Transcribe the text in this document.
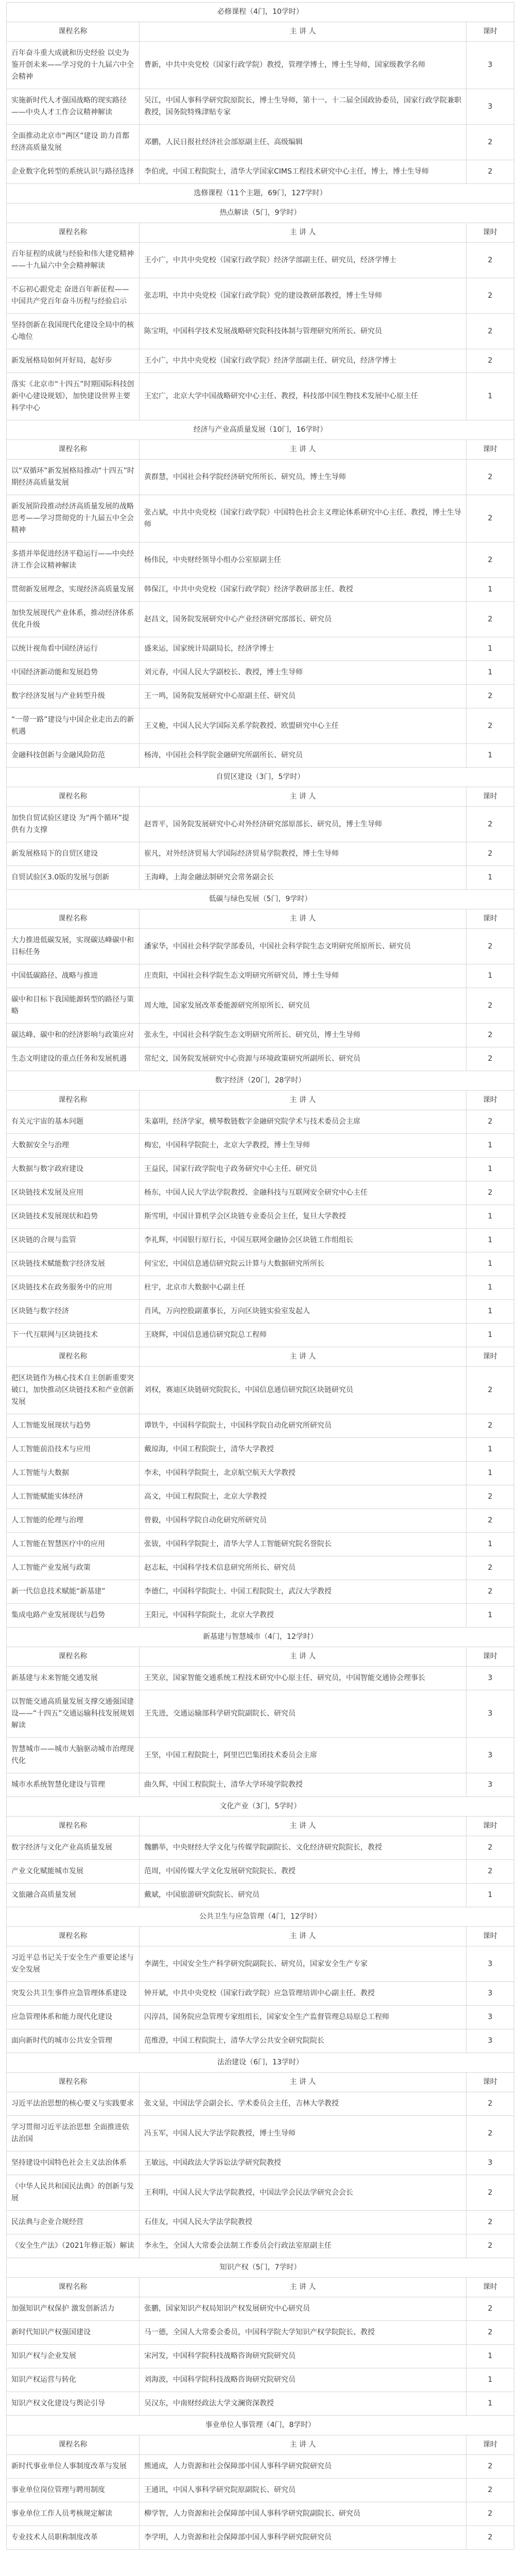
必修课程（4门，10学时）		
课程名称	主 讲 人	课时
百年奋斗重大成就和历史经验 以史为鉴开创未来——学习党的十九届六中全会精神	曹新，中共中央党校（国家行政学院）教授，管理学博士，博士生导师，国家级教学名师	3
实施新时代人才强国战略的现实路径——中央人才工作会议精神解读	吴江，中国人事科学研究院原院长，博士生导师，第十一、十二届全国政协委员，国家行政学院兼职教授，国务院特殊津贴专家	3
全面推动北京市“两区”建设 助力首都经济高质量发展	邓鹏，人民日报社经济社会部原副主任、高级编辑	2
企业数字化转型的系统认识与路径选择	李伯虎，中国工程院院士，清华大学国家CIMS工程技术研究中心主任，博士，博士生导师	2
选修课程（11个主题，69门，127学时）		
热点解读（5门，9学时）		
课程名称	主 讲 人	课时
百年征程的成就与经验和伟大建党精神——十九届六中全会精神解读	王小广，中共中央党校（国家行政学院）经济学部副主任、研究员，经济学博士	2
不忘初心跟党走 奋进百年新征程——中国共产党百年奋斗历程与经验启示	张志明，中共中央党校（国家行政学院）党的建设教研部教授，博士生导师	2
坚持创新在我国现代化建设全局中的核心地位	陈宝明，中国科学技术发展战略研究院科技体制与管理研究所所长、研究员	2
新发展格局如何开好局，起好步	王小广，中共中央党校（国家行政学院）经济学部副主任、研究员，经济学博士	2
落实《北京市“十四五”时期国际科技创新中心建设规划》，加快建设世界主要科学中心	王宏广，北京大学中国战略研究中心主任、教授，科技部中国生物技术发展中心原主任	1
经济与产业高质量发展（10门，16学时）		
课程名称	主 讲 人	课时
以“双循环”新发展格局推动“十四五”时期经济高质量发展	黄群慧，中国社会科学院经济研究所所长、研究员，博士生导师	2
新发展阶段推动经济高质量发展的战略思考——学习贯彻党的十九届五中全会精神	张占斌，中共中央党校（国家行政学院）中国特色社会主义理论体系研究中心主任、教授，博士生导师	2
多措并举促进经济平稳运行——中央经济工作会议精神解读	杨伟民，中央财经领导小组办公室原副主任	2
贯彻新发展理念，实现经济高质量发展	韩保江，中共中央党校（国家行政学院）经济学教研部主任、教授	1
加快发展现代产业体系，推动经济体系优化升级	赵昌文，国务院发展研究中心产业经济研究部部长、研究员	2
以统计视角看中国经济运行	盛来运，国家统计局副局长，经济学博士	1
中国经济新动能和发展趋势	刘元春，中国人民大学副校长、教授，博士生导师	1
数字经济发展与产业转型升级	王一鸣，国务院发展研究中心原副主任、研究员	2
“一带一路”建设与中国企业走出去的新机遇	王义桅，中国人民大学国际关系学院教授、欧盟研究中心主任	2
金融科技创新与金融风险防范	杨涛，中国社会科学院金融研究所副所长、研究员	1
自贸区建设（3门，5学时）		
课程名称	主 讲 人	课时
加快自贸试验区建设 为“两个循环”提供有力支撑	赵晋平，国务院发展研究中心对外经济研究部原部长、研究员，博士生导师	2
新发展格局下的自贸区建设	崔凡，对外经济贸易大学国际经济贸易学院教授，博士生导师	2
自贸试验区3.0版的发展与创新	王海峰，上海金融法制研究会常务副会长	1
低碳与绿色发展（5门，9学时）		
课程名称	主 讲 人	课时
大力推进低碳发展，实现碳达峰碳中和目标任务	潘家华，中国社会科学院学部委员，中国社会科学院生态文明研究所原所长、研究员	2
中国低碳路径、战略与推进	庄贵阳，中国社会科学院生态文明研究所研究员，博士生导师	1
碳中和目标下我国能源转型的路径与策略	周大地，国家发展改革委能源研究所原所长、研究员	2
碳达峰、碳中和的经济影响与政策应对	张永生，中国社会科学院生态文明研究所所长、研究员，博士生导师	2
生态文明建设的重点任务和发展机遇	常纪文，国务院发展研究中心资源与环境政策研究所副所长、研究员	2
数字经济（20门，28学时）		
课程名称	主 讲 人	课时
有关元宇宙的基本问题	朱嘉明，经济学家，横琴数链数字金融研究院学术与技术委员会主席	2
大数据安全与治理	梅宏，中国科学院院士，北京大学教授，博士生导师	1
大数据与数字政府建设	王益民，国家行政学院电子政务研究中心主任、研究员	1
区块链技术发展及应用	杨东，中国人民大学法学院教授、金融科技与互联网安全研究中心主任	2
区块链技术发展现状和趋势	斯雪明，中国计算机学会区块链专业委员会主任，复旦大学教授	1
区块链的合规与监管	李礼辉，中国银行原行长，中国互联网金融协会区块链工作组组长	1
区块链技术赋能数字经济发展	何宝宏，中国信息通信研究院云计算与大数据研究所所长	1
区块链技术在政务服务中的应用	杜宇，北京市大数据中心副主任	1
区块链与数字经济	肖风，万向控股副董事长，万向区块链实验室发起人	1
下一代互联网与区块链技术	王晓辉，中国信息通信研究院总工程师	1
课程名称	主 讲 人	课时
把区块链作为核心技术自主创新重要突破口，加快推动区块链技术和产业创新发展	刘权，赛迪区块链研究院院长，中国信息通信研究院区块链研究员	2
人工智能发展现状与趋势	谭铁牛，中国科学院院士，中国科学院自动化研究所研究员	2
人工智能前沿技术与应用	戴琼海，中国工程院院士，清华大学教授	1
人工智能与大数据	李未，中国科学院院士，北京航空航天大学教授	1
人工智能赋能实体经济	高文，中国工程院院士，北京大学教授	2
人工智能的伦理与治理	曾毅，中国科学院自动化研究所研究员	2
人工智能在智慧医疗中的应用	张钹，中国科学院院士，清华大学人工智能研究院名誉院长	1
人工智能产业发展与政策	赵志耘，中国科学技术信息研究所所长、研究员	2
新一代信息技术赋能“新基建”	李德仁，中国科学院院士、中国工程院院士，武汉大学教授	2
集成电路产业发展现状与趋势	王阳元，中国科学院院士，北京大学教授	1
新基建与智慧城市（4门，12学时）		
课程名称	主 讲 人	课时
新基建与未来智能交通发展	王笑京，国家智能交通系统工程技术研究中心原主任、研究员，中国智能交通协会理事长	3
以智能交通高质量发展支撑交通强国建设——“十四五”交通运输科技发展规划解读	王先进，交通运输部科学研究院副院长、研究员	3
智慧城市——城市大脑驱动城市治理现代化	王坚，中国工程院院士，阿里巴巴集团技术委员会主席	3
城市水系统智慧化建设与管理	曲久辉，中国工程院院士，清华大学环境学院教授	3
文化产业（3门，5学时）		
课程名称	主 讲 人	课时
数字经济与文化产业高质量发展	魏鹏举，中央财经大学文化与传媒学院副院长、文化经济研究院院长，教授	2
产业文化赋能城市发展	范周，中国传媒大学文化发展研究院院长、教授	2
文旅融合高质量发展	戴斌，中国旅游研究院院长、研究员	1
公共卫生与应急管理（4门，12学时）		
课程名称	主 讲 人	课时
习近平总书记关于安全生产重要论述与安全发展	李湖生，中国安全生产科学研究院副院长、研究员，国家安全生产专家	3
突发公共卫生事件应急管理体系建设	钟开斌，中共中央党校（国家行政学院）应急管理培训中心副主任、教授	3
应急管理体系和能力现代化建设	闪淳昌，国务院应急管理专家组组长，国家安全生产监督管理总局原总工程师	3
面向新时代的城市公共安全管理	范维澄，中国工程院院士，清华大学公共安全研究院院长	3
法治建设（6门，13学时）		
课程名称	主 讲 人	课时
习近平法治思想的核心要义与实践要求	张文显，中国法学会副会长、学术委员会主任，吉林大学教授	2
学习贯彻习近平法治思想 全面推进依法治国	冯玉军，中国人民大学法学院教授，博士生导师	2
坚持建设中国特色社会主义法治体系	王敏远，中国政法大学诉讼法学研究院教授	3
《中华人民共和国民法典》的创新与发展	王利明，中国人民大学法学院教授，中国法学会民法学研究会会长	2
民法典与企业合规经营	石佳友，中国人民大学法学院教授	2
《安全生产法》（2021年修正版）解读	李永生，全国人大常委会法制工作委员会行政法室原副主任	2
知识产权（5门，7学时）		
课程名称	主 讲 人	课时
加强知识产权保护 激发创新活力	张鹏，国家知识产权局知识产权发展研究中心研究员	2
新时代知识产权强国建设	马一德，全国人大常委会委员，中国科学院大学知识产权学院院长、教授	2
知识产权与企业发展	宋河发，中国科学院科技战略咨询研究院研究员	1
知识产权运营与转化	刘海波，中国科学院科技战略咨询研究院研究员	1
知识产权文化建设与舆论引导	吴汉东，中南财经政法大学文澜资深教授	1
事业单位人事管理（4门，8学时）		
课程名称	主 讲 人	课时
新时代事业单位人事制度改革与发展	熊通成，人力资源和社会保障部中国人事科学研究院研究员	2
事业单位岗位管理与聘用制度	王通讯，中国人事科学研究院原副院长、研究员	2
事业单位工作人员考核规定解读	柳学智，人力资源和社会保障部中国人事科学研究院副院长、研究员	2
专业技术人员职称制度改革	李学明，人力资源和社会保障部中国人事科学研究院研究员	2
